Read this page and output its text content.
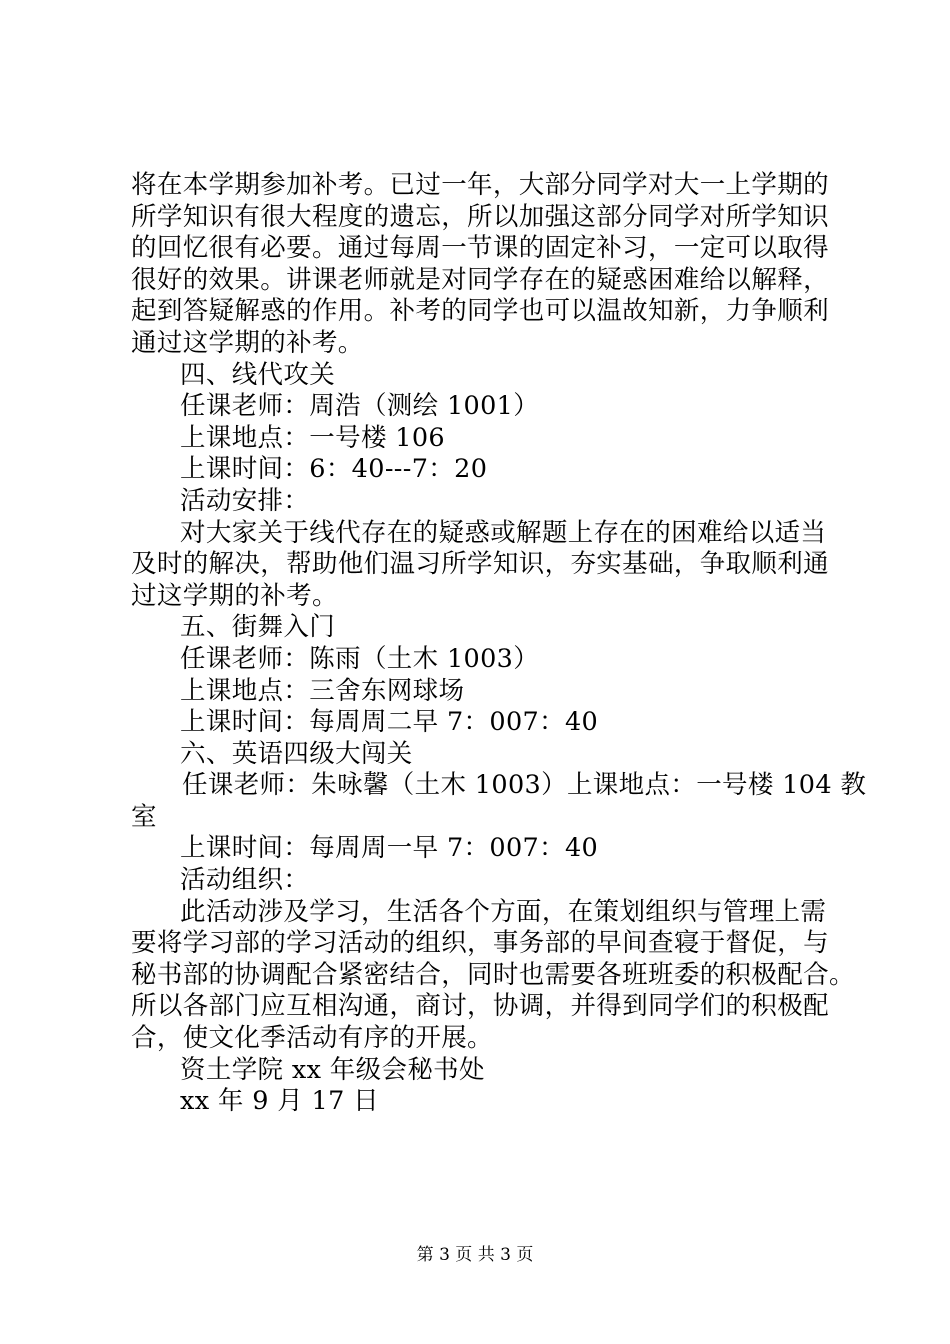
将在本学期参加补考。已过一年，大部分同学对大一上学期的
所学知识有很大程度的遗忘，所以加强这部分同学对所学知识
的回忆很有必要。通过每周一节课的固定补习，一定可以取得
很好的效果。讲课老师就是对同学存在的疑惑困难给以解释，
起到答疑解惑的作用。补考的同学也可以温故知新，力争顺利
通过这学期的补考。
四、线代攻关
任课老师：周浩（测绘 1001）
上课地点：一号楼 106
上课时间：6：40---7：20
活动安排：
对大家关于线代存在的疑惑或解题上存在的困难给以适当
及时的解决，帮助他们温习所学知识，夯实基础，争取顺利通
过这学期的补考。
五、街舞入门
任课老师：陈雨（土木 1003）
上课地点：三舍东网球场
上课时间：每周周二早 7：007：40
六、英语四级大闯关
任课老师：朱咏馨（土木 1003）上课地点：一号楼 104 教
室
上课时间：每周周一早 7：007：40
活动组织：
此活动涉及学习，生活各个方面，在策划组织与管理上需
要将学习部的学习活动的组织，事务部的早间查寝于督促，与
秘书部的协调配合紧密结合，同时也需要各班班委的积极配合。
所以各部门应互相沟通，商讨，协调，并得到同学们的积极配
合，使文化季活动有序的开展。
资土学院 xx 年级会秘书处
xx 年 9 月 17 日
第 3 页 共 3 页
